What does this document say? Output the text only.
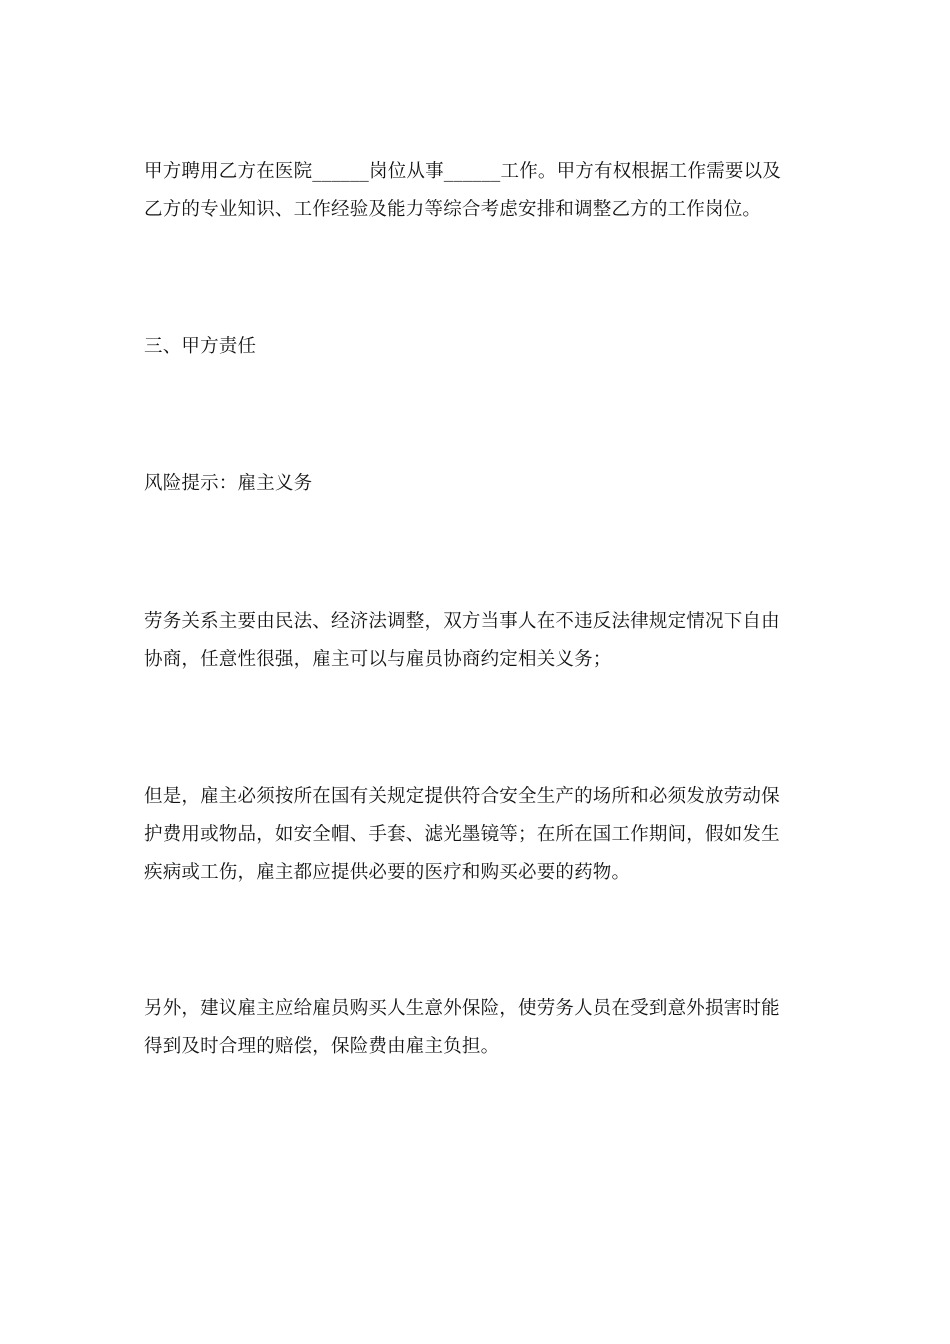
甲方聘用乙方在医院______岗位从事______工作。甲方有权根据工作需要以及
乙方的专业知识、工作经验及能力等综合考虑安排和调整乙方的工作岗位。

三、甲方责任

风险提示：雇主义务

劳务关系主要由民法、经济法调整，双方当事人在不违反法律规定情况下自由
协商，任意性很强，雇主可以与雇员协商约定相关义务；

但是，雇主必须按所在国有关规定提供符合安全生产的场所和必须发放劳动保
护费用或物品，如安全帽、手套、滤光墨镜等；在所在国工作期间，假如发生
疾病或工伤，雇主都应提供必要的医疗和购买必要的药物。

另外，建议雇主应给雇员购买人生意外保险，使劳务人员在受到意外损害时能
得到及时合理的赔偿，保险费由雇主负担。
